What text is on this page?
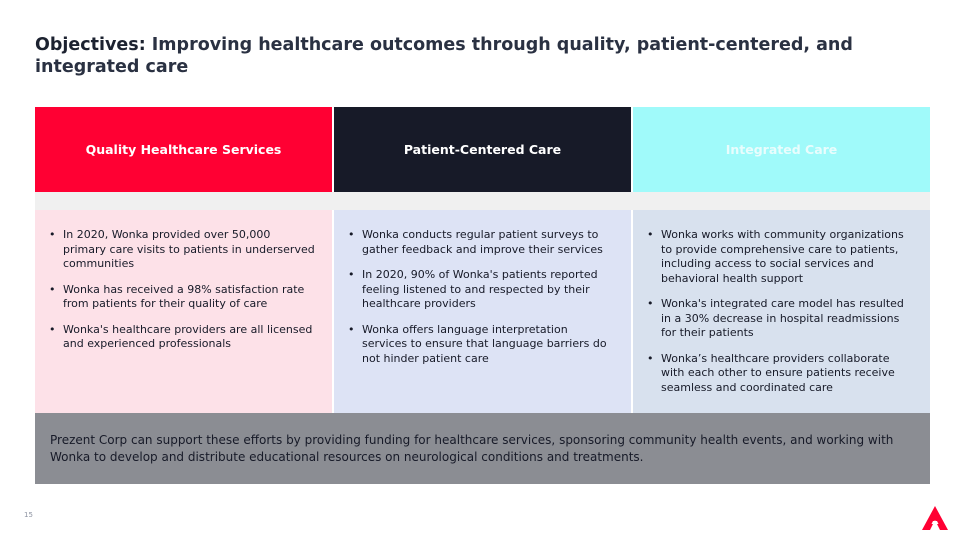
Objectives: Improving healthcare outcomes through quality, patient-centered, and integrated care
Quality Healthcare Services	Patient-Centered Care	Integrated Care
• In 2020, Wonka provided over 50,000 primary care visits to patients in underserved communities
• Wonka has received a 98% satisfaction rate from patients for their quality of care
• Wonka's healthcare providers are all licensed and experienced professionals
• Wonka conducts regular patient surveys to gather feedback and improve their services
• In 2020, 90% of Wonka's patients reported feeling listened to and respected by their healthcare providers
• Wonka offers language interpretation services to ensure that language barriers do not hinder patient care
• Wonka works with community organizations to provide comprehensive care to patients, including access to social services and behavioral health support
• Wonka's integrated care model has resulted in a 30% decrease in hospital readmissions for their patients
• Wonka’s healthcare providers collaborate with each other to ensure patients receive seamless and coordinated care
Prezent Corp can support these efforts by providing funding for healthcare services, sponsoring community health events, and working with Wonka to develop and distribute educational resources on neurological conditions and treatments.
15
